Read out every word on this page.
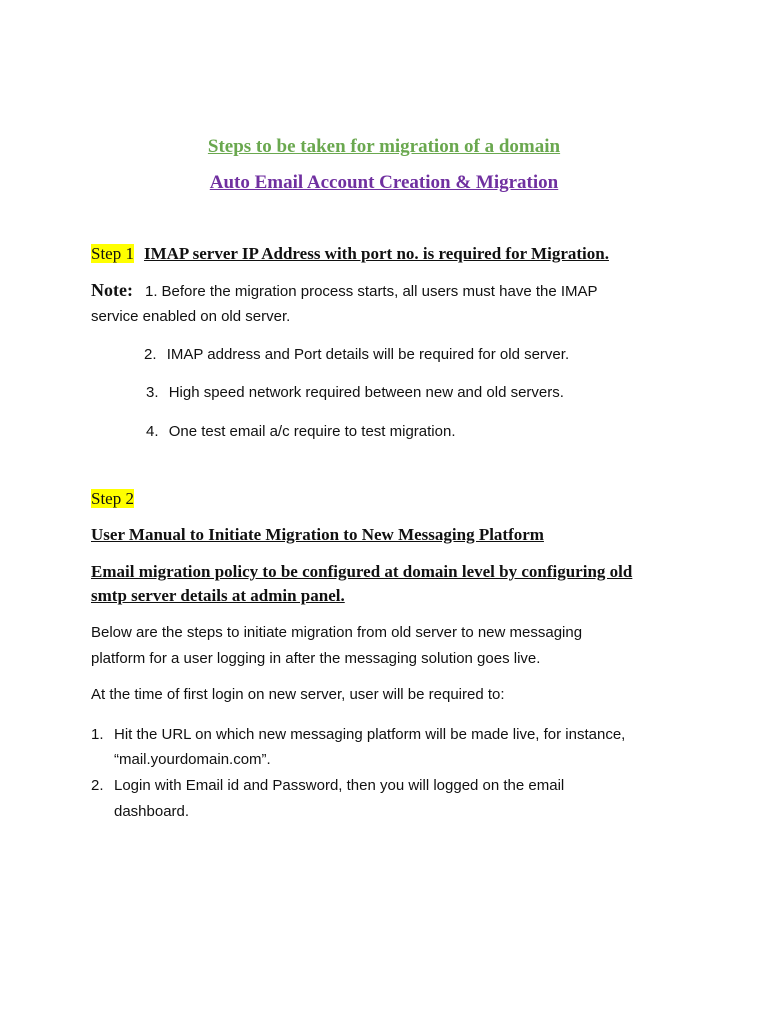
Steps to be taken for migration of a domain
Auto Email Account Creation & Migration
Step 1 IMAP server IP Address with port no. is required for Migration.
Note: 1. Before the migration process starts, all users must have the IMAP
service enabled on old server.
2. IMAP address and Port details will be required for old server.
3. High speed network required between new and old servers.
4. One test email a/c require to test migration.
Step 2
User Manual to Initiate Migration to New Messaging Platform
Email migration policy to be configured at domain level by configuring old
smtp server details at admin panel.
Below are the steps to initiate migration from old server to new messaging
platform for a user logging in after the messaging solution goes live.
At the time of first login on new server, user will be required to:
1. Hit the URL on which new messaging platform will be made live, for instance,
“mail.yourdomain.com”.
2. Login with Email id and Password, then you will logged on the email
dashboard.
